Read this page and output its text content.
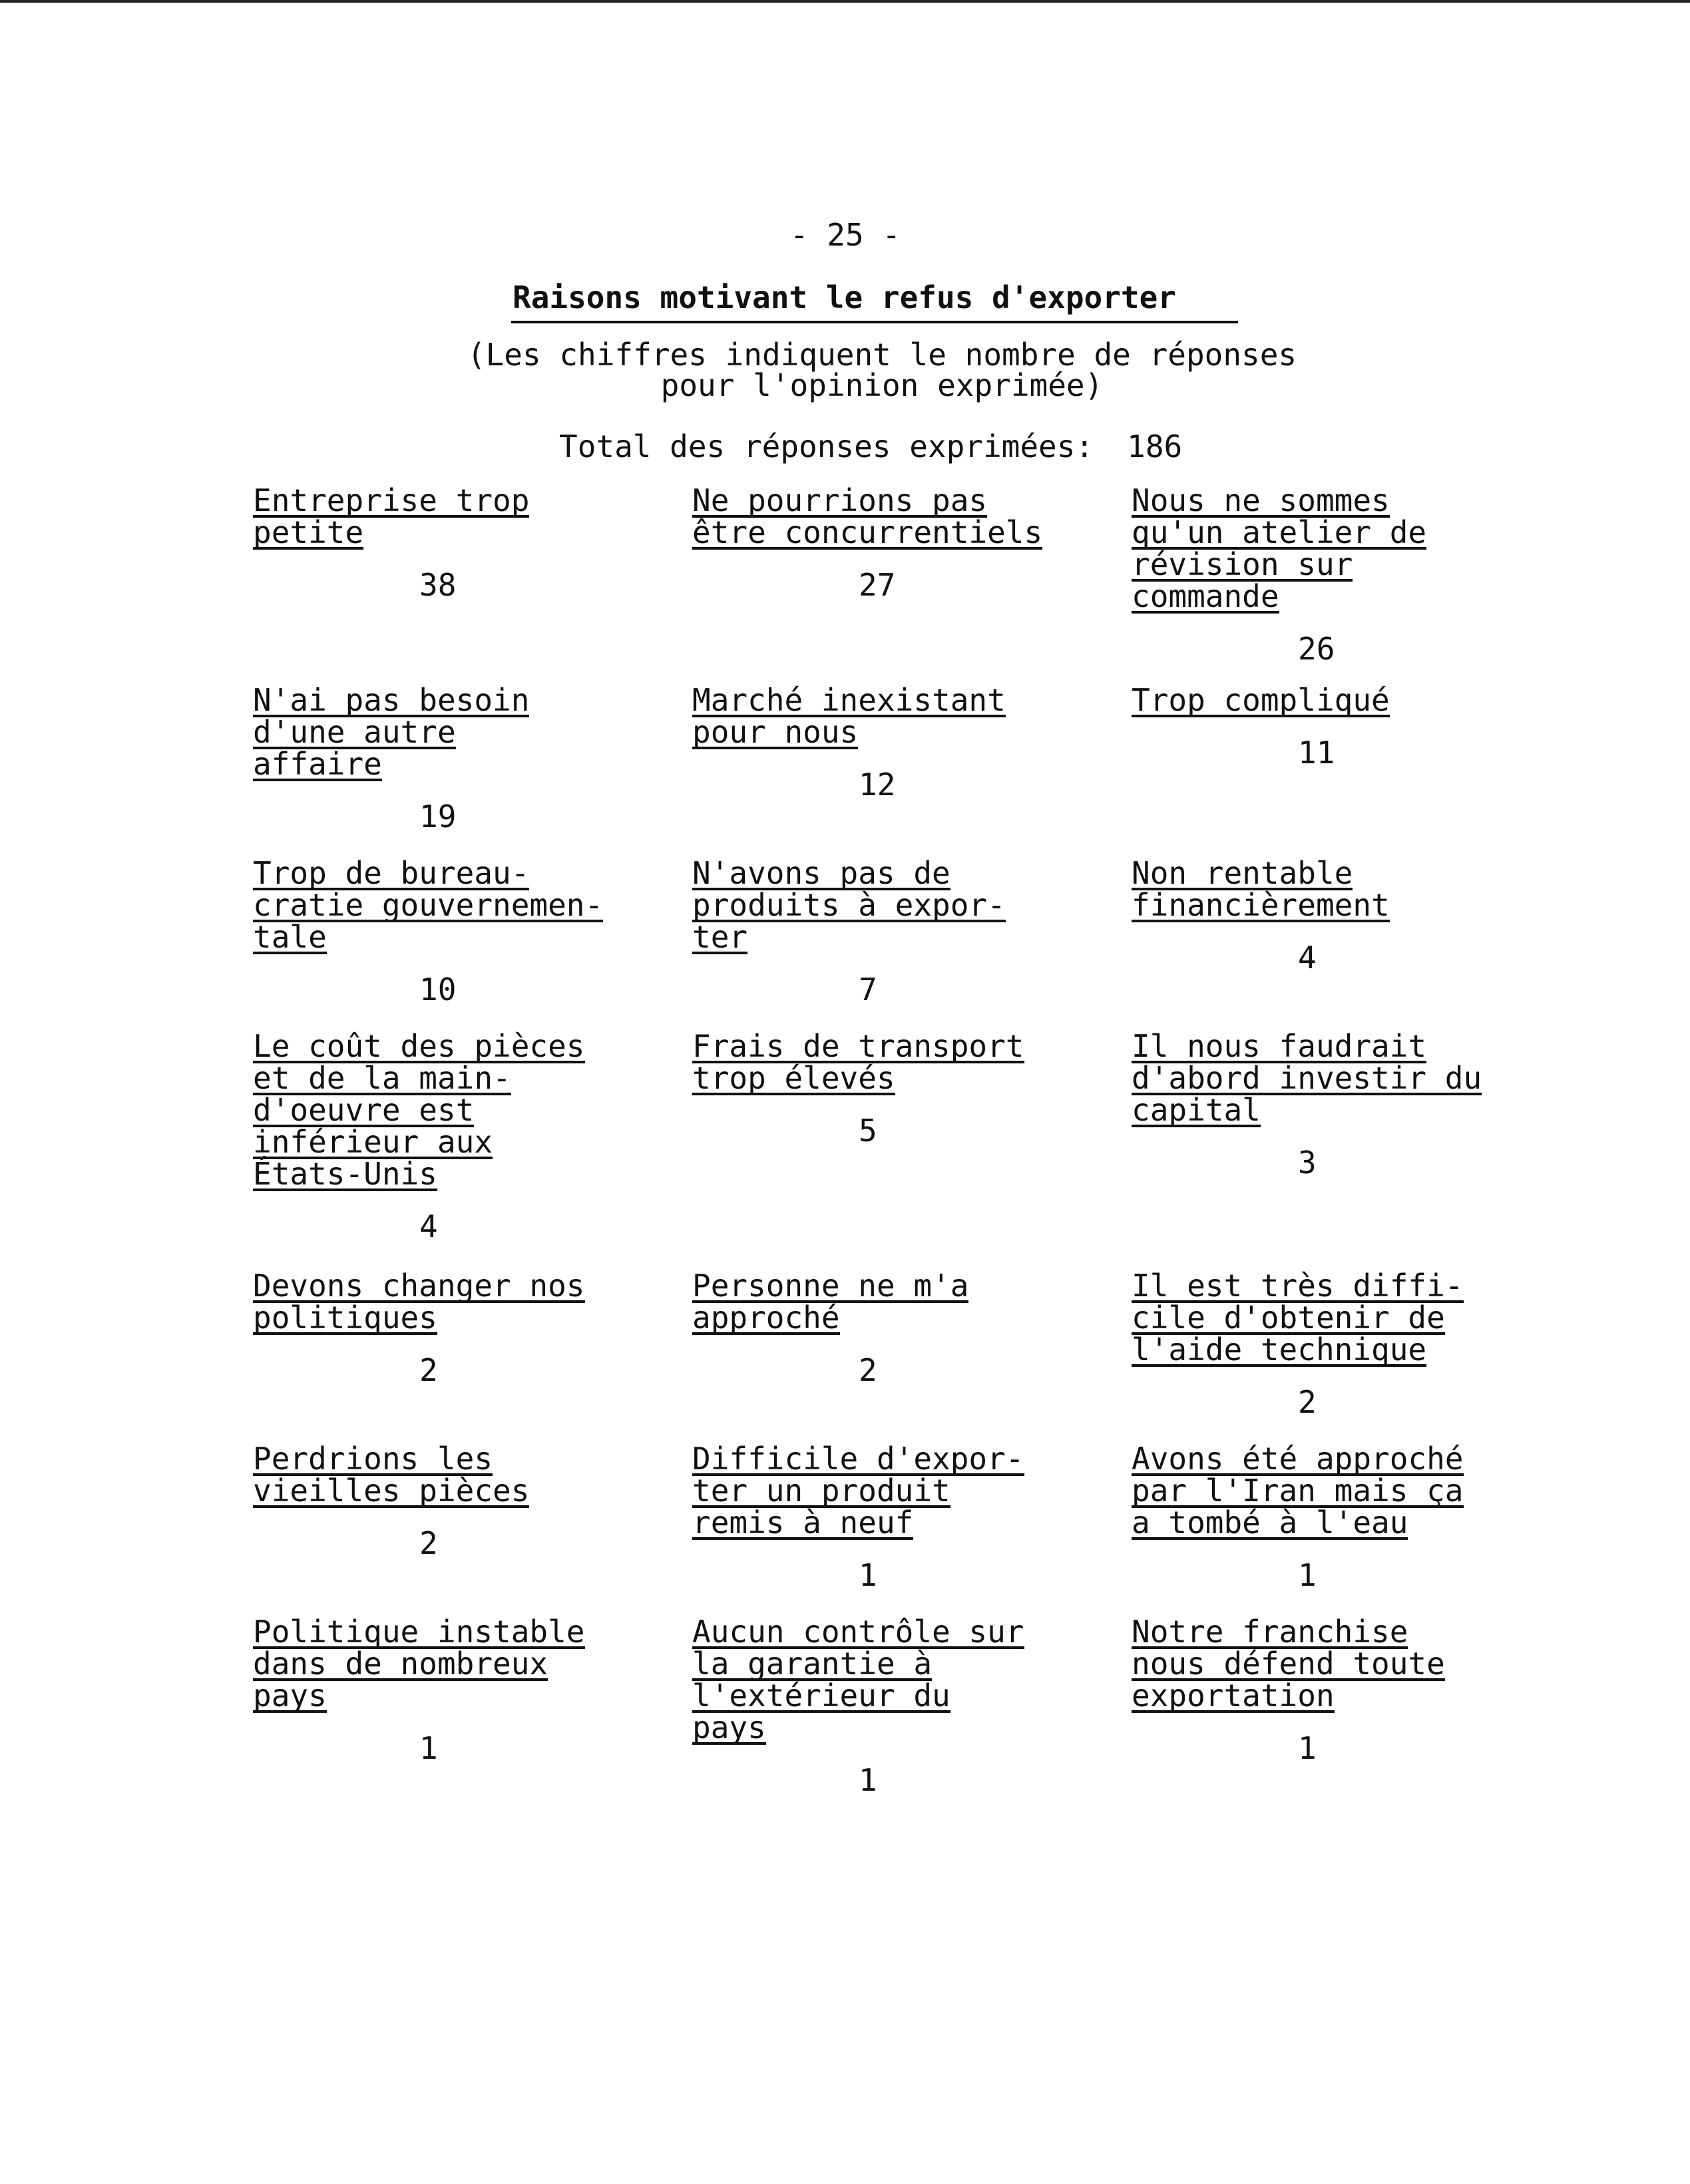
- 25 -
Raisons motivant le refus d'exporter
(Les chiffres indiquent le nombre de réponses
pour l'opinion exprimée)
Total des réponses exprimées: 186
Entreprise trop
petite
38
Ne pourrions pas
être concurrentiels
27
Nous ne sommes
qu'un atelier de
révision sur
commande
26
N'ai pas besoin
d'une autre
affaire
19
Marché inexistant
pour nous
12
Trop compliqué
11
Trop de bureau-
cratie gouvernemen-
tale
10
N'avons pas de
produits à expor-
ter
7
Non rentable
financièrement
4
Le coût des pièces
et de la main-
d'oeuvre est
inférieur aux
États-Unis
4
Frais de transport
trop élevés
5
Il nous faudrait
d'abord investir du
capital
3
Devons changer nos
politiques
2
Personne ne m'a
approché
2
Il est très diffi-
cile d'obtenir de
l'aide technique
2
Perdrions les
vieilles pièces
2
Difficile d'expor-
ter un produit
remis à neuf
1
Avons été approché
par l'Iran mais ça
a tombé à l'eau
1
Politique instable
dans de nombreux
pays
1
Aucun contrôle sur
la garantie à
l'extérieur du
pays
1
Notre franchise
nous défend toute
exportation
1
